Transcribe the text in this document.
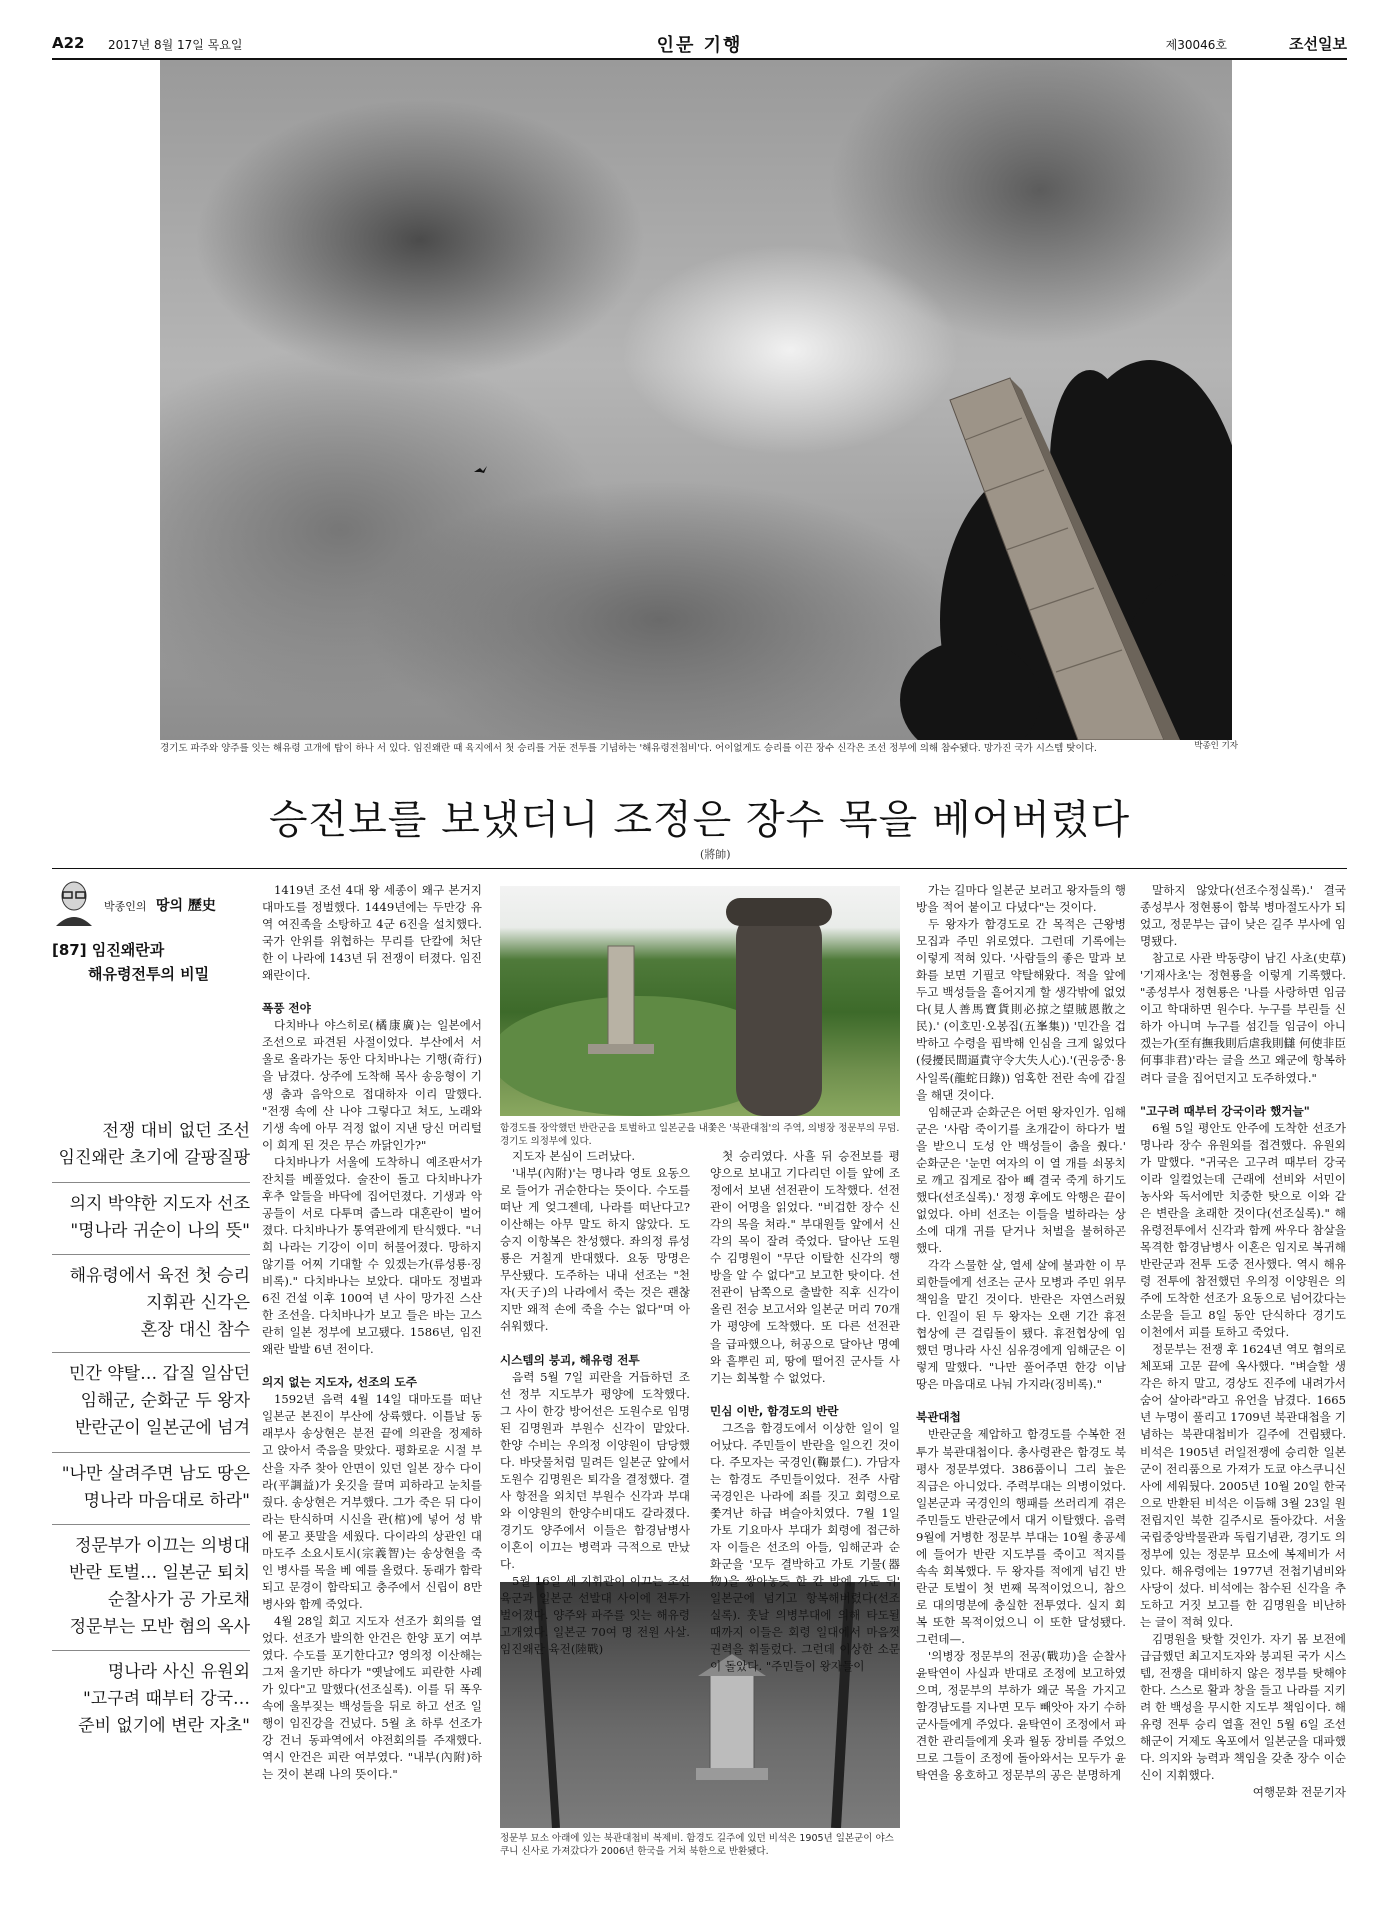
A22 2017년 8월 17일 목요일	인문 기행	제30046호	조선일보
경기도 파주와 양주를 잇는 해유령 고개에 탑이 하나 서 있다. 임진왜란 때 육지에서 첫 승리를 거둔 전투를 기념하는 '해유령전첩비'다. 어이없게도 승리를 이끈 장수 신각은 조선 정부에 의해 참수됐다. 망가진 국가 시스템 탓이다.	박종인 기자
승전보를 보냈더니 조정은 장수 목을 베어버렸다
(將帥)
박종인의 땅의 歷史
[87] 임진왜란과
해유령전투의 비밀
전쟁 대비 없던 조선
임진왜란 초기에 갈팡질팡
의지 박약한 지도자 선조
"명나라 귀순이 나의 뜻"
해유령에서 육전 첫 승리
지휘관 신각은
혼장 대신 참수
민간 약탈… 갑질 일삼던
임해군, 순화군 두 왕자
반란군이 일본군에 넘겨
"나만 살려주면 남도 땅은
명나라 마음대로 하라"
정문부가 이끄는 의병대
반란 토벌… 일본군 퇴치
순찰사가 공 가로채
정문부는 모반 혐의 옥사
명나라 사신 유원외
"고구려 때부터 강국…
준비 없기에 변란 자초"
함경도를 장악했던 반란군을 토벌하고 일본군을 내쫓은 '북관대첩'의 주역, 의병장 정문부의 무덤. 경기도 의정부에 있다.
정문부 묘소 아래에 있는 북관대첩비 복제비. 함경도 길주에 있던 비석은 1905년 일본군이 야스쿠니 신사로 가져갔다가 2006년 한국을 거쳐 북한으로 반환됐다.

1419년 조선 4대 왕 세종이 왜구 본거지 대마도를 정벌했다. 1449년에는 두만강 유역 여진족을 소탕하고 4군 6진을 설치했다. 국가 안위를 위협하는 무리를 단칼에 처단한 이 나라에 143년 뒤 전쟁이 터졌다. 임진왜란이다.

폭풍 전야

다치바나 야스히로(橘康廣)는 일본에서 조선으로 파견된 사절이었다. 부산에서 서울로 올라가는 동안 다치바나는 기행(奇行)을 남겼다. 상주에 도착해 목사 송응형이 기생 춤과 음악으로 접대하자 이리 말했다. "전쟁 속에 산 나야 그렇다고 쳐도, 노래와 기생 속에 아무 걱정 없이 지낸 당신 머리털이 희게 된 것은 무슨 까닭인가?"

다치바나가 서울에 도착하니 예조판서가 잔치를 베풀었다. 술잔이 돌고 다치바나가 후추 알들을 바닥에 집어던졌다. 기생과 악공들이 서로 다투며 줍느라 대혼란이 벌어졌다. 다치바나가 통역관에게 탄식했다. "너희 나라는 기강이 이미 허물어졌다. 망하지 않기를 어찌 기대할 수 있겠는가(류성룡·징비록)." 다치바나는 보았다. 대마도 정벌과 6진 건설 이후 100여 년 사이 망가진 스산한 조선을. 다치바나가 보고 들은 바는 고스란히 일본 정부에 보고됐다. 1586년, 임진왜란 발발 6년 전이다.

의지 없는 지도자, 선조의 도주

1592년 음력 4월 14일 대마도를 떠난 일본군 본진이 부산에 상륙했다. 이틀날 동래부사 송상현은 분전 끝에 의관을 정제하고 앉아서 죽음을 맞았다. 평화로운 시절 부산을 자주 찾아 안면이 있던 일본 장수 다이라(平調益)가 옷깃을 끌며 피하라고 눈치를 줬다. 송상현은 거부했다. 그가 죽은 뒤 다이라는 탄식하며 시신을 관(棺)에 넣어 성 밖에 묻고 푯말을 세웠다. 다이라의 상관인 대마도주 소요시토시(宗義智)는 송상현을 죽인 병사를 목을 베 예를 올렸다. 동래가 함락되고 문경이 함락되고 충주에서 신립이 8만 병사와 함께 죽었다.

4월 28일 회고 지도자 선조가 회의를 열었다. 선조가 발의한 안건은 한양 포기 여부였다. 수도를 포기한다고? 영의정 이산해는 그저 울기만 하다가 "옛날에도 피란한 사례가 있다"고 말했다(선조실록). 이를 뒤 폭우 속에 울부짖는 백성들을 뒤로 하고 선조 일행이 임진강을 건넜다. 5월 초 하루 선조가 강 건너 동파역에서 야전회의를 주재했다. 역시 안건은 피란 여부였다. "내부(內附)하는 것이 본래 나의 뜻이다."

지도자 본심이 드러났다.

'내부(內附)'는 명나라 영토 요동으로 들어가 귀순한다는 뜻이다. 수도를 떠난 게 엊그젠데, 나라를 떠난다고? 이산해는 아무 말도 하지 않았다. 도승지 이항복은 찬성했다. 좌의정 류성룡은 거칠게 반대했다. 요동 망명은 무산됐다. 도주하는 내내 선조는 "천자(天子)의 나라에서 죽는 것은 괜찮지만 왜적 손에 죽을 수는 없다"며 아쉬워했다.

시스템의 붕괴, 해유령 전투

음력 5월 7일 피란을 거듭하던 조선 정부 지도부가 평양에 도착했다. 그 사이 한강 방어선은 도원수로 임명된 김명원과 부원수 신각이 맡았다. 한양 수비는 우의정 이양원이 담당했다. 바닷물처럼 밀려든 일본군 앞에서 도원수 김명원은 퇴각을 결정했다. 결사 항전을 외치던 부원수 신각과 부대와 이양원의 한양수비대도 갈라졌다. 경기도 양주에서 이들은 함경남병사 이혼이 이끄는 병력과 극적으로 만났다.

5월 16일 세 지휘관이 이끄는 조선 육군과 일본군 선발대 사이에 전투가 벌어졌다. 양주와 파주를 잇는 해유령 고개였다. 일본군 70여 명 전원 사살. 임진왜란 육전(陸戰)

첫 승리였다. 사흘 뒤 승전보를 평양으로 보내고 기다리던 이들 앞에 조정에서 보낸 선전관이 도착했다. 선전관이 어명을 읽었다. "비겁한 장수 신각의 목을 쳐라." 부대원들 앞에서 신각의 목이 잘려 죽었다. 달아난 도원수 김명원이 "무단 이탈한 신각의 행방을 알 수 없다"고 보고한 탓이다. 선전관이 남쪽으로 출발한 직후 신각이 올린 전승 보고서와 일본군 머리 70개가 평양에 도착했다. 또 다른 선전관을 급파했으나, 허공으로 달아난 명예와 흩뿌린 피, 땅에 떨어진 군사들 사기는 회복할 수 없었다.

민심 이반, 함경도의 반란

그즈음 함경도에서 이상한 일이 일어났다. 주민들이 반란을 일으킨 것이다. 주모자는 국경인(鞠景仁). 가담자는 함경도 주민들이었다. 전주 사람 국경인은 나라에 죄를 짓고 회령으로 쫓겨난 하급 벼슬아치였다. 7월 1일 가토 기요마사 부대가 회령에 접근하자 이들은 선조의 아들, 임해군과 순화군을 '모두 결박하고 가토 기물(器物)을 쌓아놓듯 한 칸 방에 가둔 뒤' 일본군에 넘기고 항복해버렸다(선조실록). 훗날 의병부대에 의해 타도될 때까지 이들은 회령 일대에서 마음껏 권력을 휘둘렀다. 그런데 이상한 소문이 돌았다. "주민들이 왕자들이

가는 길마다 일본군 보러고 왕자들의 행방을 적어 붙이고 다녔다"는 것이다.

두 왕자가 함경도로 간 목적은 근왕병 모집과 주민 위로였다. 그런데 기록에는 이렇게 적혀 있다. '사람들의 좋은 말과 보화를 보면 기필코 약탈해왔다. 적을 앞에 두고 백성들을 흩어지게 할 생각밖에 없었다(見人善馬寶貨則必掠之望賊恩散之民).' (이호민·오봉집(五峯集)) '민간을 겁박하고 수령을 핍박해 인심을 크게 잃었다(侵擾民間逼責守令大失人心).'(권응중·용사일록(龍蛇日錄)) 엄혹한 전란 속에 갑질을 해댄 것이다.

임해군과 순화군은 어떤 왕자인가. 임해군은 '사람 죽이기를 초개같이 하다가 벌을 받으니 도성 안 백성들이 춤을 췄다.' 순화군은 '눈먼 여자의 이 열 개를 쇠몽치로 깨고 집게로 잡아 빼 결국 죽게 하기도 했다(선조실록).' 정쟁 후에도 악행은 끝이 없었다. 아비 선조는 이들을 벌하라는 상소에 대개 귀를 닫거나 처벌을 불허하곤 했다.

각각 스물한 살, 열세 살에 불과한 이 무뢰한들에게 선조는 군사 모병과 주민 위무 책임을 맡긴 것이다. 반란은 자연스러웠다. 인질이 된 두 왕자는 오랜 기간 휴전 협상에 큰 걸림돌이 됐다. 휴전협상에 임했던 명나라 사신 심유경에게 임해군은 이렇게 말했다. "나만 풀어주면 한강 이남 땅은 마음대로 나눠 가지라(징비록)."

북관대첩

반란군을 제압하고 함경도를 수복한 전투가 북관대첩이다. 총사령관은 함경도 북평사 정문부였다. 386품이니 그리 높은 직급은 아니었다. 주력부대는 의병이었다. 일본군과 국경인의 행패를 쓰러리게 겪은 주민들도 반란군에서 대거 이탈했다. 음력 9월에 거병한 정문부 부대는 10월 총공세에 들어가 반란 지도부를 죽이고 적지를 속속 회복했다. 두 왕자를 적에게 넘긴 반란군 토벌이 첫 번째 목적이었으니, 참으로 대의명분에 충실한 전투였다. 실지 회복 또한 목적이었으니 이 또한 달성됐다. 그런데—.

'의병장 정문부의 전공(戰功)을 순찰사 윤탁연이 사실과 반대로 조정에 보고하였으며, 정문부의 부하가 왜군 목을 가지고 함경남도를 지나면 모두 빼앗아 자기 수하 군사들에게 주었다. 윤탁연이 조정에서 파견한 관리들에게 옷과 월동 장비를 주었으므로 그들이 조정에 돌아와서는 모두가 윤탁연을 옹호하고 정문부의 공은 분명하게

말하지 않았다(선조수정실록).' 결국 종성부사 정현룡이 함북 병마절도사가 되었고, 정문부는 급이 낮은 길주 부사에 임명됐다.

참고로 사관 박동량이 남긴 사초(史草) '기재사초'는 정현룡을 이렇게 기록했다. "종성부사 정현룡은 '나를 사랑하면 임금이고 학대하면 원수다. 누구를 부린들 신하가 아니며 누구를 섬긴들 임금이 아니겠는가(至有撫我則后虐我則讎 何使非臣何事非君)'라는 글을 쓰고 왜군에 항복하려다 글을 집어던지고 도주하였다."

"고구려 때부터 강국이라 했거늘"

6월 5일 평안도 안주에 도착한 선조가 명나라 장수 유원외를 접견했다. 유원외가 말했다. "귀국은 고구려 때부터 강국이라 일컬었는데 근래에 선비와 서민이 농사와 독서에만 치중한 탓으로 이와 같은 변란을 초래한 것이다(선조실록)." 해유령전투에서 신각과 함께 싸우다 참살을 목격한 함경남병사 이혼은 임지로 복귀해 반란군과 전투 도중 전사했다. 역시 해유령 전투에 참전했던 우의정 이양원은 의주에 도착한 선조가 요동으로 넘어갔다는 소문을 듣고 8일 동안 단식하다 경기도 이천에서 피를 토하고 죽었다.

정문부는 전쟁 후 1624년 역모 혐의로 체포돼 고문 끝에 옥사했다. "벼슬할 생각은 하지 말고, 경상도 진주에 내려가서 숨어 살아라"라고 유언을 남겼다. 1665년 누명이 풀리고 1709년 북관대첩을 기념하는 북관대첩비가 길주에 건립됐다. 비석은 1905년 러일전쟁에 승리한 일본군이 전리품으로 가져가 도쿄 야스쿠니신사에 세워뒀다. 2005년 10월 20일 한국으로 반환된 비석은 이듬해 3월 23일 원전립지인 북한 길주시로 돌아갔다. 서울 국립중앙박물관과 독립기념관, 경기도 의정부에 있는 정문부 묘소에 복제비가 서 있다. 해유령에는 1977년 전첩기념비와 사당이 섰다. 비석에는 참수된 신각을 추도하고 거짓 보고를 한 김명원을 비난하는 글이 적혀 있다.

김명원을 탓할 것인가. 자기 몸 보전에 급급했던 최고지도자와 붕괴된 국가 시스템, 전쟁을 대비하지 않은 정부를 탓해야 한다. 스스로 활과 창을 들고 나라를 지키려 한 백성을 무시한 지도부 책임이다. 해유령 전투 승리 열흘 전인 5월 6일 조선 해군이 거제도 옥포에서 일본군을 대파했다. 의지와 능력과 책임을 갖춘 장수 이순신이 지휘했다.

여행문화 전문기자
